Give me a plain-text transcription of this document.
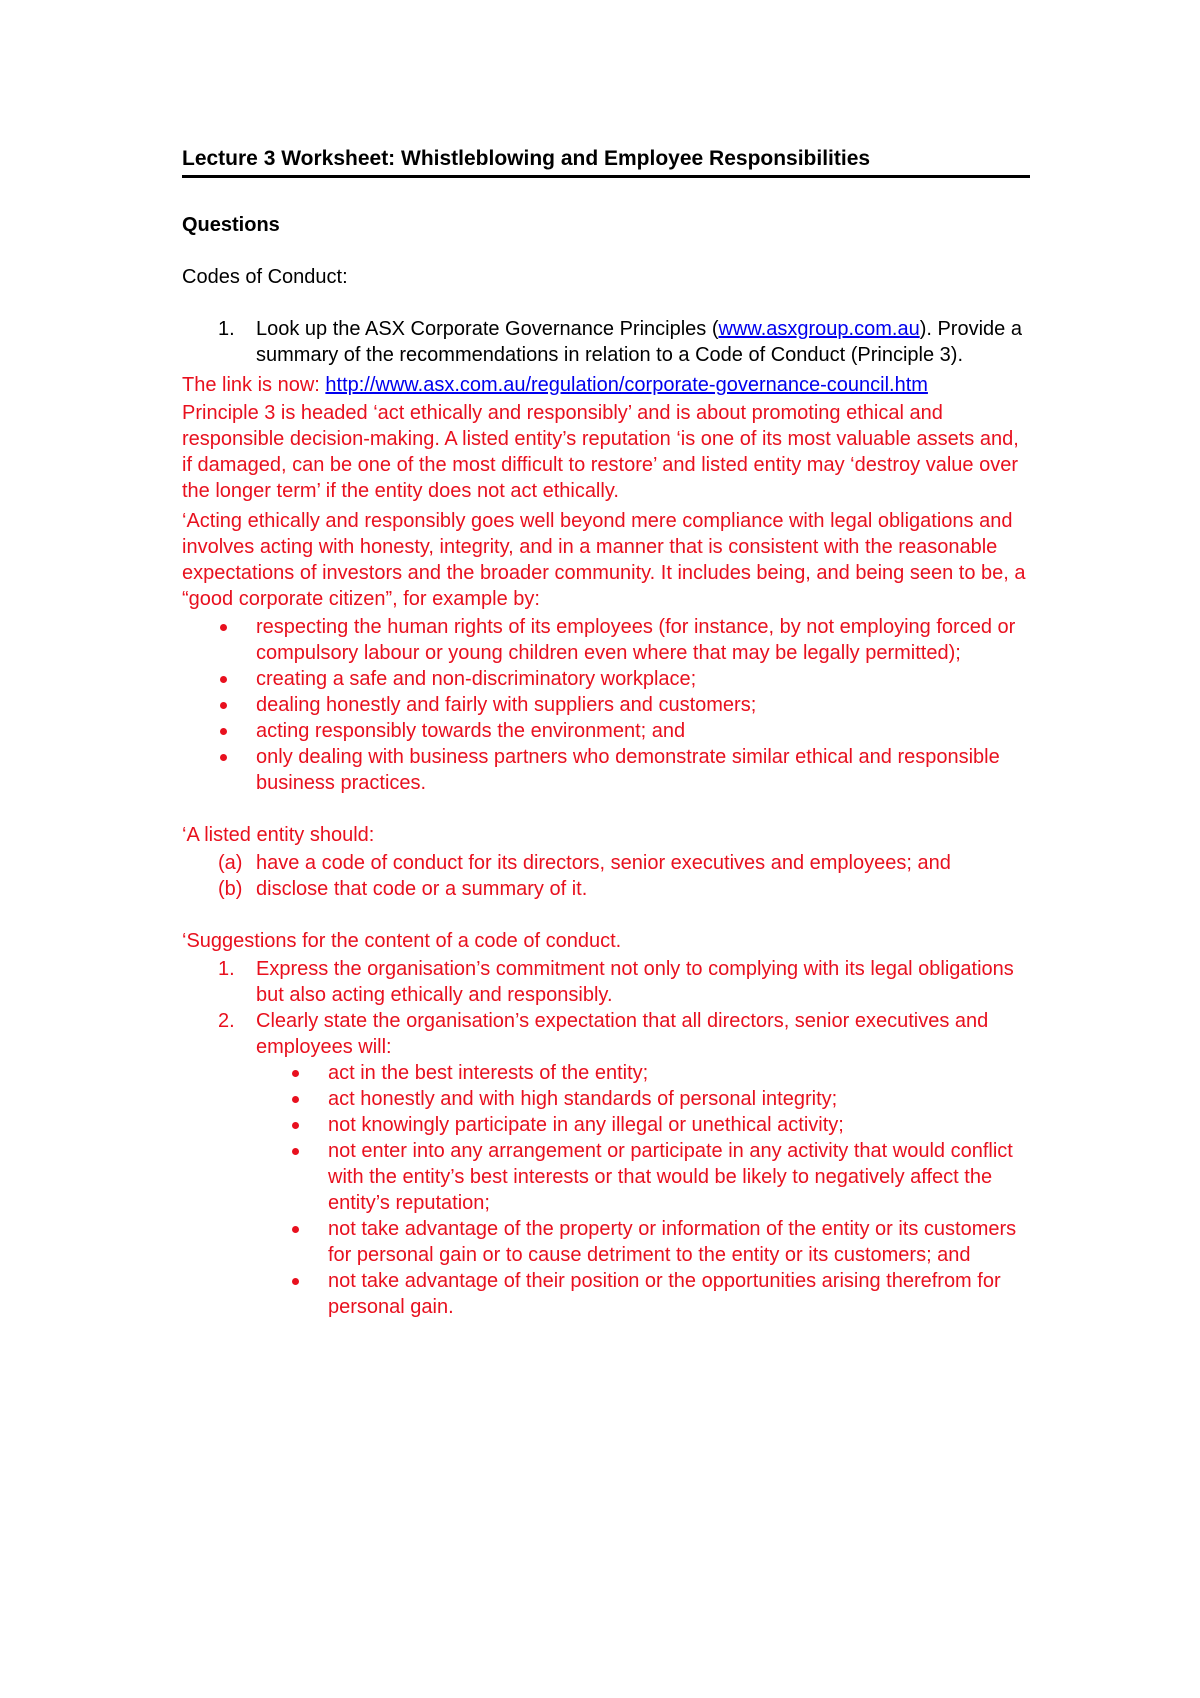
Lecture 3 Worksheet: Whistleblowing and Employee Responsibilities
Questions
Codes of Conduct:
1. Look up the ASX Corporate Governance Principles (www.asxgroup.com.au). Provide a summary of the recommendations in relation to a Code of Conduct (Principle 3).
The link is now: http://www.asx.com.au/regulation/corporate-governance-council.htm
Principle 3 is headed ‘act ethically and responsibly’ and is about promoting ethical and responsible decision-making. A listed entity’s reputation ‘is one of its most valuable assets and, if damaged, can be one of the most difficult to restore’ and listed entity may ‘destroy value over the longer term’ if the entity does not act ethically.
‘Acting ethically and responsibly goes well beyond mere compliance with legal obligations and involves acting with honesty, integrity, and in a manner that is consistent with the reasonable expectations of investors and the broader community. It includes being, and being seen to be, a “good corporate citizen”, for example by:
respecting the human rights of its employees (for instance, by not employing forced or compulsory labour or young children even where that may be legally permitted);
creating a safe and non-discriminatory workplace;
dealing honestly and fairly with suppliers and customers;
acting responsibly towards the environment; and
only dealing with business partners who demonstrate similar ethical and responsible business practices.
‘A listed entity should:
(a) have a code of conduct for its directors, senior executives and employees; and
(b) disclose that code or a summary of it.
‘Suggestions for the content of a code of conduct.
1. Express the organisation’s commitment not only to complying with its legal obligations but also acting ethically and responsibly.
2. Clearly state the organisation’s expectation that all directors, senior executives and employees will:
act in the best interests of the entity;
act honestly and with high standards of personal integrity;
not knowingly participate in any illegal or unethical activity;
not enter into any arrangement or participate in any activity that would conflict with the entity’s best interests or that would be likely to negatively affect the entity’s reputation;
not take advantage of the property or information of the entity or its customers for personal gain or to cause detriment to the entity or its customers; and
not take advantage of their position or the opportunities arising therefrom for personal gain.
